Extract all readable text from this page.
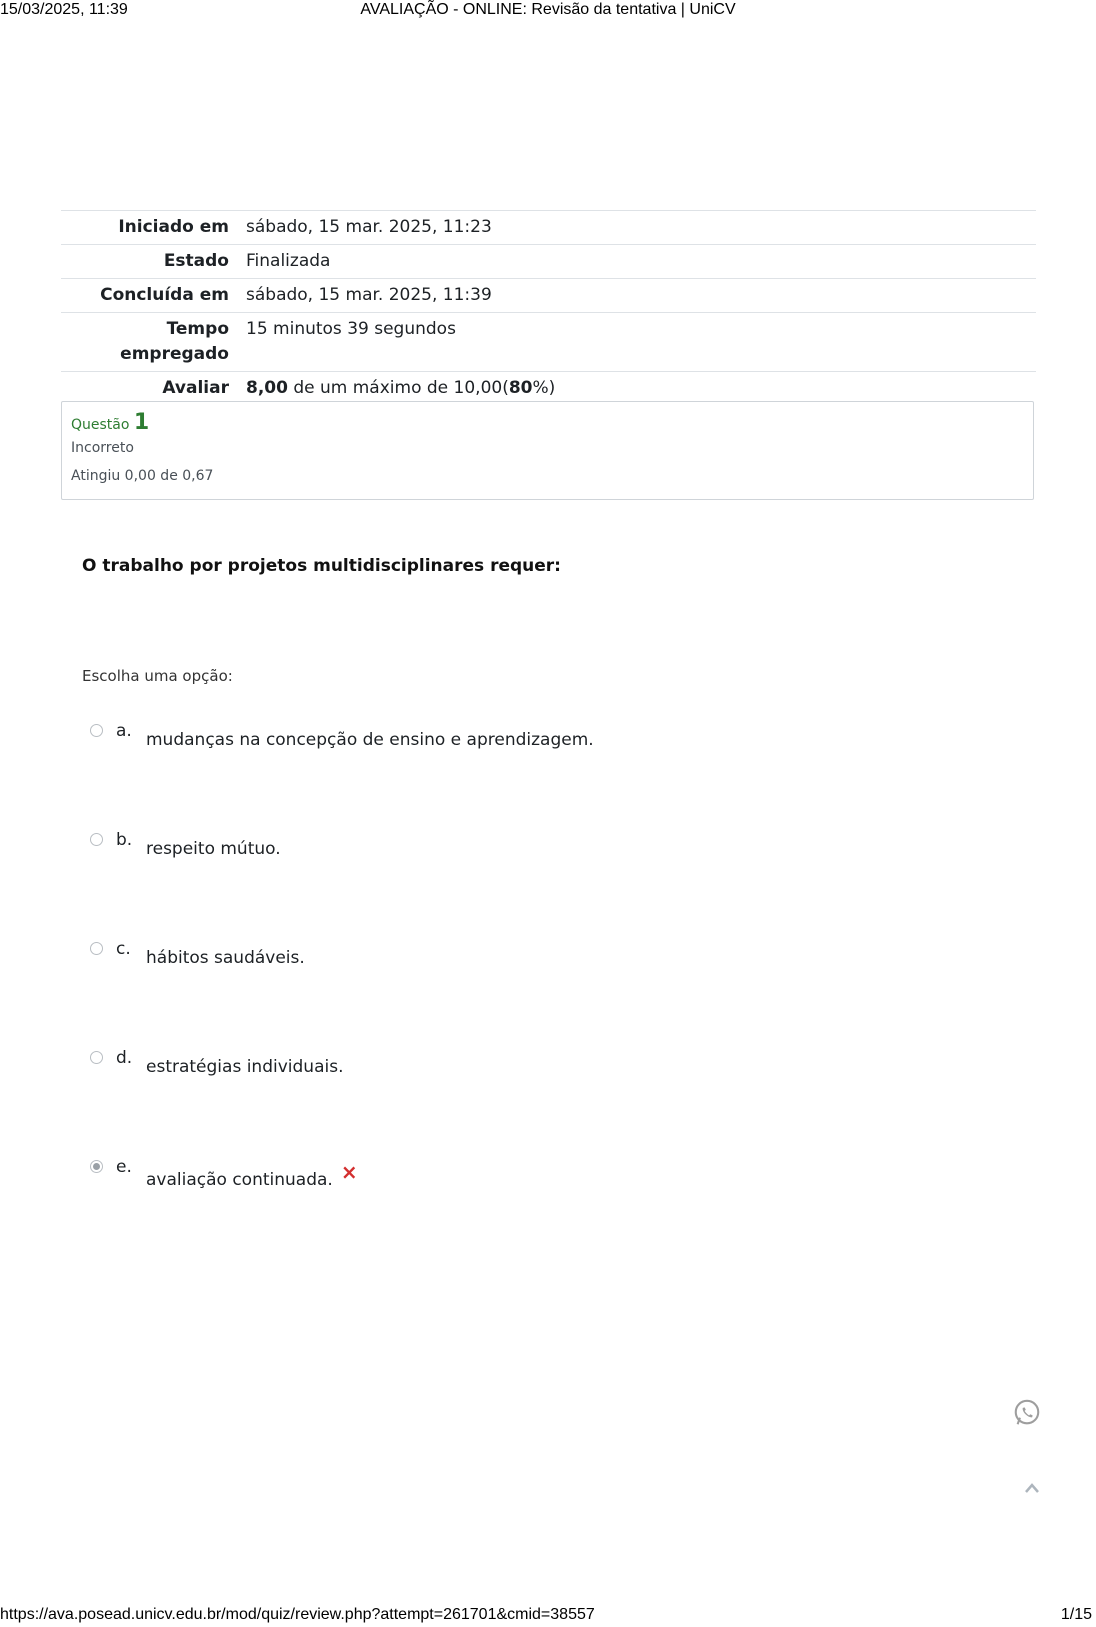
15/03/2025, 11:39	AVALIAÇÃO - ONLINE: Revisão da tentativa | UniCV
Iniciado em	sábado, 15 mar. 2025, 11:23
Estado	Finalizada
Concluída em	sábado, 15 mar. 2025, 11:39
Tempo empregado	15 minutos 39 segundos
Avaliar	8,00 de um máximo de 10,00(80%)
Questão 1
Incorreto
Atingiu 0,00 de 0,67
O trabalho por projetos multidisciplinares requer:
Escolha uma opção:
a. mudanças na concepção de ensino e aprendizagem.
b. respeito mútuo.
c. hábitos saudáveis.
d. estratégias individuais.
e.
avaliação continuada. ×
https://ava.posead.unicv.edu.br/mod/quiz/review.php?attempt=261701&cmid=38557	1/15
